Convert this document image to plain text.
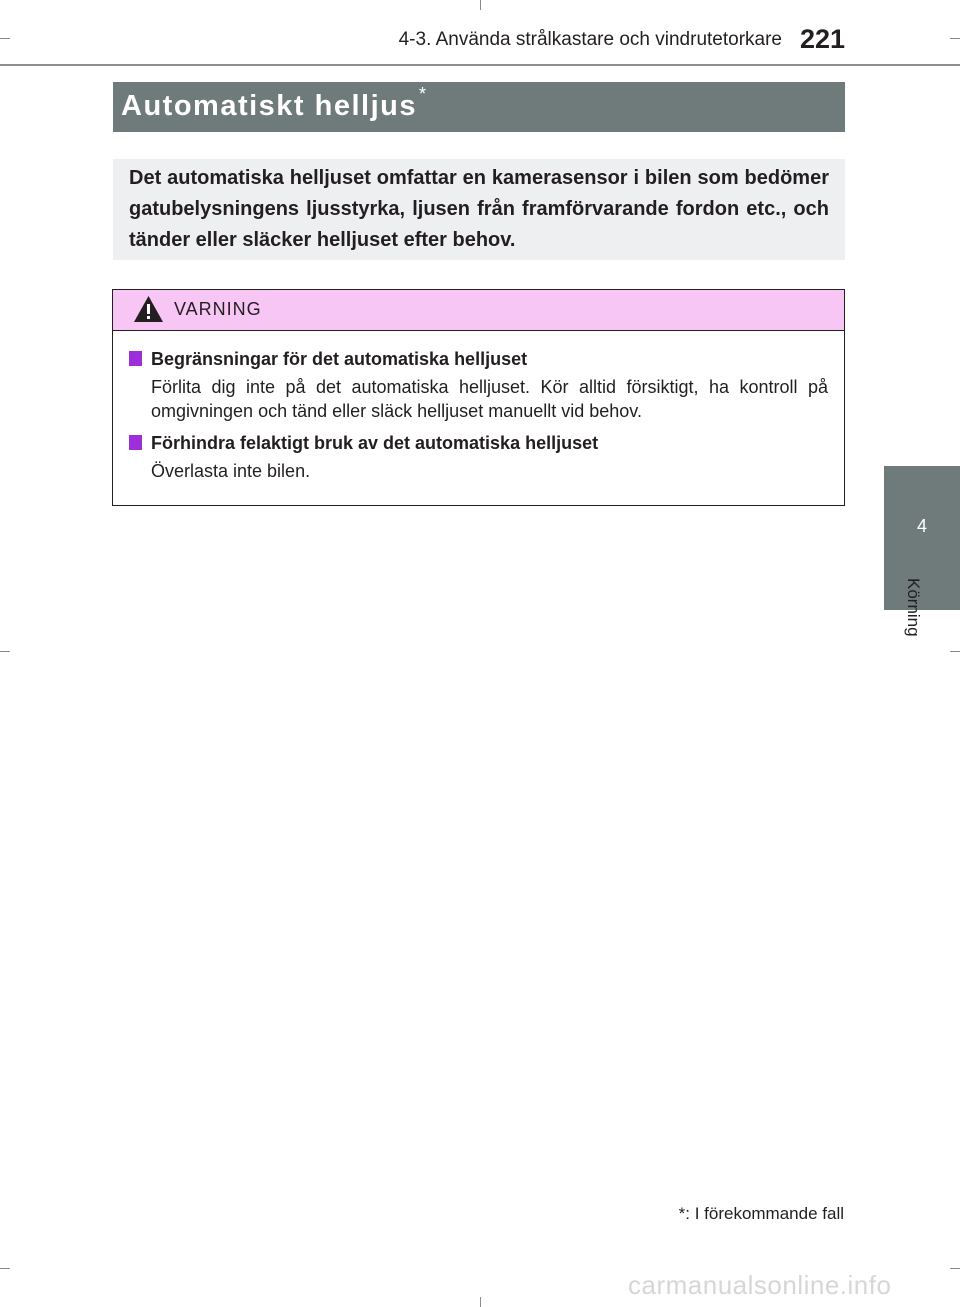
4-3. Använda strålkastare och vindrutetorkare 221
4
Körning
Automatiskt helljus *
Det automatiska helljuset omfattar en kamerasensor i bilen som bedömer gatubelysningens ljusstyrka, ljusen från framförvarande fordon etc., och tänder eller släcker helljuset efter behov.
VARNING
Begränsningar för det automatiska helljuset
Förlita dig inte på det automatiska helljuset. Kör alltid försiktigt, ha kontroll på omgivningen och tänd eller släck helljuset manuellt vid behov.
Förhindra felaktigt bruk av det automatiska helljuset
Överlasta inte bilen.
*: I förekommande fall
carmanualsonline.info
